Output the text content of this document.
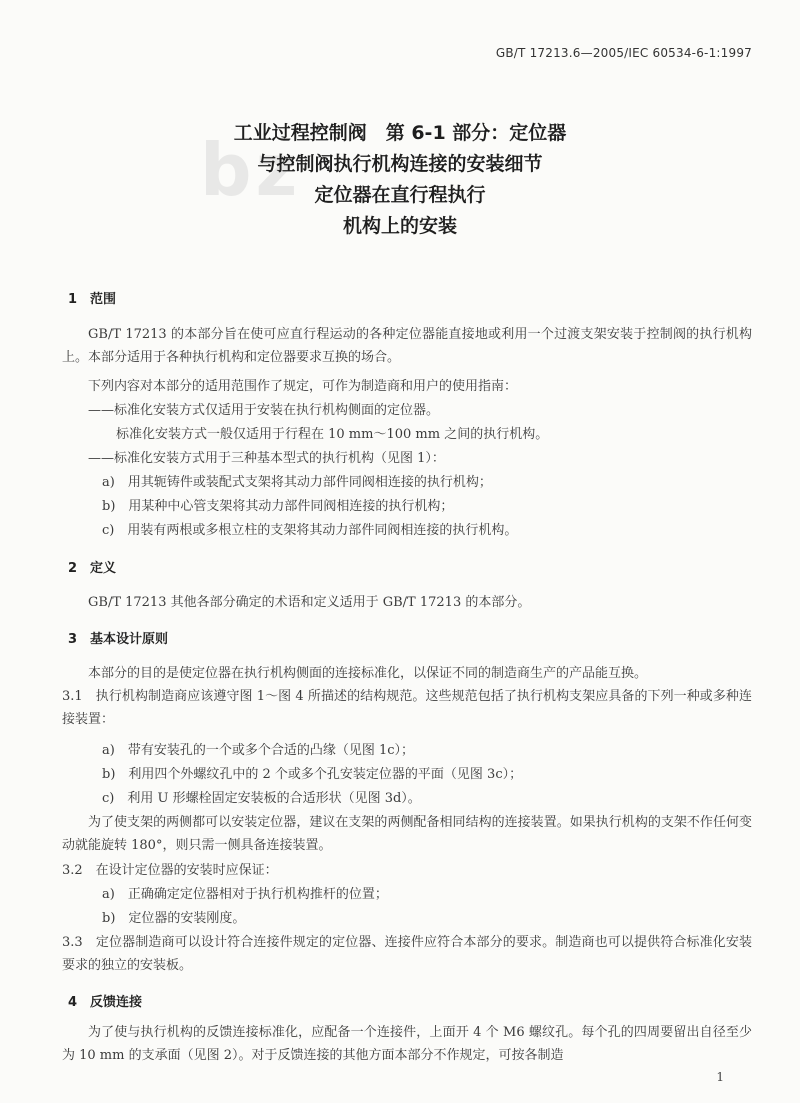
GB/T 17213.6—2005/IEC 60534-6-1:1997
bz
工业过程控制阀　第 6-1 部分：定位器
与控制阀执行机构连接的安装细节
定位器在直行程执行
机构上的安装
1 范围
GB/T 17213 的本部分旨在使可应直行程运动的各种定位器能直接地或利用一个过渡支架安装于控制阀的执行机构上。本部分适用于各种执行机构和定位器要求互换的场合。
下列内容对本部分的适用范围作了规定，可作为制造商和用户的使用指南：
——标准化安装方式仅适用于安装在执行机构侧面的定位器。
标准化安装方式一般仅适用于行程在 10 mm～100 mm 之间的执行机构。
——标准化安装方式用于三种基本型式的执行机构（见图 1）：
a)　用其轭铸件或装配式支架将其动力部件同阀相连接的执行机构；
b)　用某种中心管支架将其动力部件同阀相连接的执行机构；
c)　用装有两根或多根立柱的支架将其动力部件同阀相连接的执行机构。
2 定义
GB/T 17213 其他各部分确定的术语和定义适用于 GB/T 17213 的本部分。
3 基本设计原则
本部分的目的是使定位器在执行机构侧面的连接标准化，以保证不同的制造商生产的产品能互换。
3.1　执行机构制造商应该遵守图 1～图 4 所描述的结构规范。这些规范包括了执行机构支架应具备的下列一种或多种连接装置：
a)　带有安装孔的一个或多个合适的凸缘（见图 1c）；
b)　利用四个外螺纹孔中的 2 个或多个孔安装定位器的平面（见图 3c）；
c)　利用 U 形螺栓固定安装板的合适形状（见图 3d）。
为了使支架的两侧都可以安装定位器，建议在支架的两侧配备相同结构的连接装置。如果执行机构的支架不作任何变动就能旋转 180°，则只需一侧具备连接装置。
3.2　在设计定位器的安装时应保证：
a)　正确确定定位器相对于执行机构推杆的位置；
b)　定位器的安装刚度。
3.3　定位器制造商可以设计符合连接件规定的定位器、连接件应符合本部分的要求。制造商也可以提供符合标准化安装要求的独立的安装板。
4 反馈连接
为了使与执行机构的反馈连接标准化，应配备一个连接件，上面开 4 个 M6 螺纹孔。每个孔的四周要留出自径至少为 10 mm 的支承面（见图 2）。对于反馈连接的其他方面本部分不作规定，可按各制造
1
